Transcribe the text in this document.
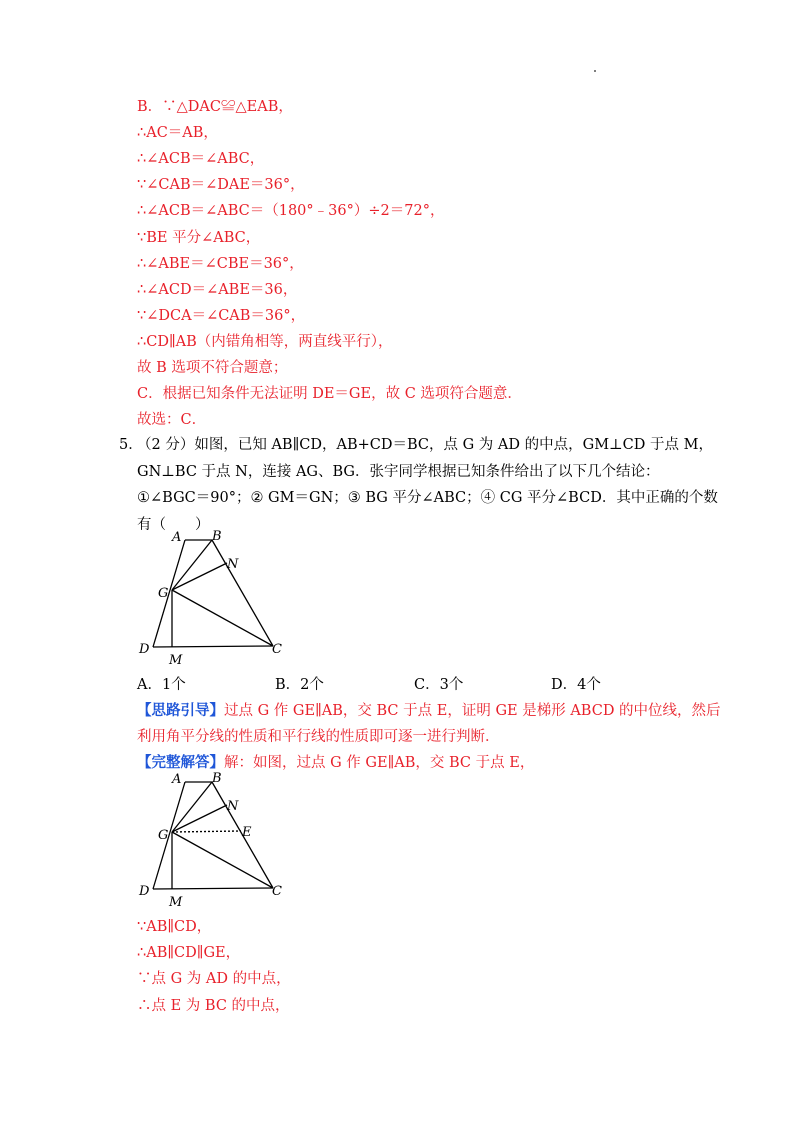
B．∵△DAC≌△EAB，
∴AC＝AB，
∴∠ACB＝∠ABC，
∵∠CAB＝∠DAE＝36°，
∴∠ACB＝∠ABC＝（180°﹣36°）÷2＝72°，
∵BE 平分∠ABC，
∴∠ABE＝∠CBE＝36°，
∴∠ACD＝∠ABE＝36，
∵∠DCA＝∠CAB＝36°，
∴CD∥AB（内错角相等，两直线平行），
故 B 选项不符合题意；
C．根据已知条件无法证明 DE＝GE，故 C 选项符合题意．
故选：C．
5．
（2 分）如图，已知 AB∥CD，AB+CD＝BC，点 G 为 AD 的中点，GM⊥CD 于点 M，
GN⊥BC 于点 N，连接 AG、BG．张宇同学根据已知条件给出了以下几个结论：
①∠BGC＝90°；② GM＝GN；③ BG 平分∠ABC；④ CG 平分∠BCD．其中正确的个数
有（　　）
A B
N
G
D
M
C
A．1个	B．2个	C．3个	D．4个
【思路引导】过点 G 作 GE∥AB，交 BC 于点 E，证明 GE 是梯形 ABCD 的中位线，然后
利用角平分线的性质和平行线的性质即可逐一进行判断．
【完整解答】解：如图，过点 G 作 GE∥AB，交 BC 于点 E，
A B
N
G	E
D
M
C
∵AB∥CD，
∴AB∥CD∥GE，
∵点 G 为 AD 的中点，
∴点 E 为 BC 的中点，
